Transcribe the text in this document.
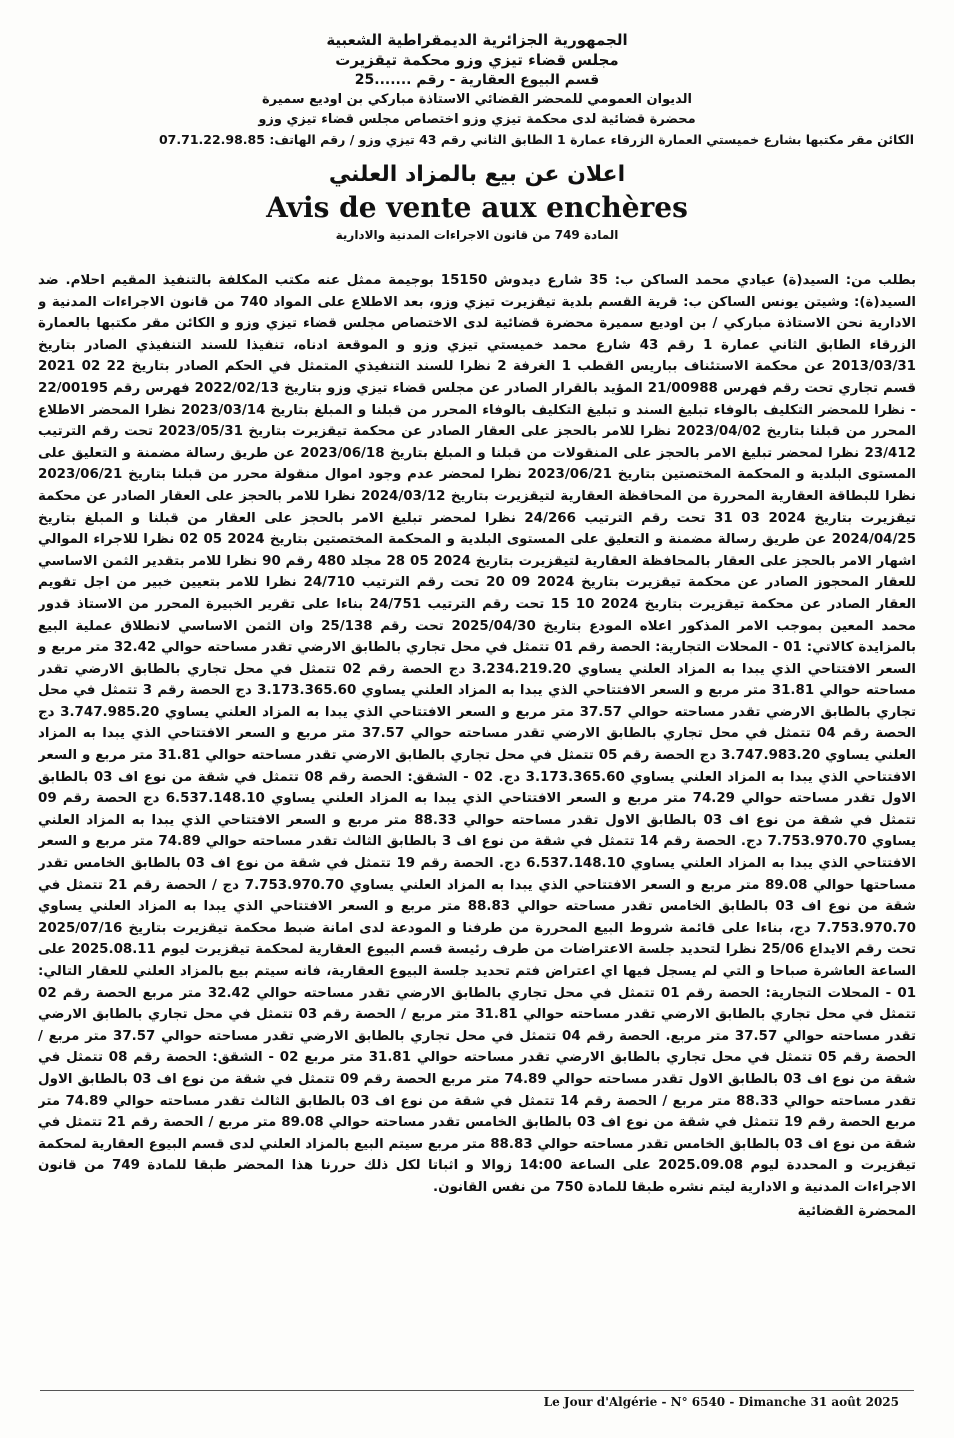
الجمهورية الجزائرية الديمقراطية الشعبية
مجلس قضاء تيزي وزو محكمة تيقزيرت
قسم البيوع العقارية - رقم .......25
الديوان العمومي للمحضر القضائي الاستاذة مباركي بن اوديع سميرة
محضرة قضائية لدى محكمة تيزي وزو اختصاص مجلس قضاء تيزي وزو
الكائن مقر مكتبها بشارع خميستي العمارة الزرقاء عمارة 1 الطابق الثاني رقم 43 تيزي وزو / رقم الهاتف: 07.71.22.98.85
اعلان عن بيع بالمزاد العلني
Avis de vente aux enchères
المادة 749 من قانون الاجراءات المدنية والادارية

بطلب من: السيد(ة) عيادي محمد الساكن ب: 35 شارع ديدوش 15150 بوجيمة ممثل عنه مكتب المكلفة بالتنفيذ المقيم احلام. ضد السيد(ة): وشيتن يونس الساكن ب: قرية القسم بلدية تيقزيرت تيزي وزو، بعد الاطلاع على المواد 740 من قانون الاجراءات المدنية و الادارية نحن الاستاذة مباركي / بن اوديع سميرة محضرة قضائية لدى الاختصاص مجلس قضاء تيزي وزو و الكائن مقر مكتبها بالعمارة الزرقاء الطابق الثاني عمارة 1 رقم 43 شارع محمد خميستي تيزي وزو و الموقعة ادناه، تنفيذا للسند التنفيذي الصادر بتاريخ 2013/03/31 عن محكمة الاستئناف بباريس القطب 1 الغرفة 2 نظرا للسند التنفيذي المتمثل في الحكم الصادر بتاريخ 22 02 2021 قسم تجاري تحت رقم فهرس 21/00988 المؤيد بالقرار الصادر عن مجلس قضاء تيزي وزو بتاريخ 2022/02/13 فهرس رقم 22/00195 - نظرا للمحضر التكليف بالوفاء تبليغ السند و تبليغ التكليف بالوفاء المحرر من قبلنا و المبلغ بتاريخ 2023/03/14 نظرا المحضر الاطلاع المحرر من قبلنا بتاريخ 2023/04/02 نظرا للامر بالحجز على العقار الصادر عن محكمة تيقزيرت بتاريخ 2023/05/31 تحت رقم الترتيب 23/412 نظرا لمحضر تبليغ الامر بالحجز على المنقولات من قبلنا و المبلغ بتاريخ 2023/06/18 عن طريق رسالة مضمنة و التعليق على المستوى البلدية و المحكمة المختصتين بتاريخ 2023/06/21 نظرا لمحضر عدم وجود اموال منقولة محرر من قبلنا بتاريخ 2023/06/21 نظرا للبطاقة العقارية المحررة من المحافظة العقارية لتيقزيرت بتاريخ 2024/03/12 نظرا للامر بالحجز على العقار الصادر عن محكمة تيقزيرت بتاريخ 2024 03 31 تحت رقم الترتيب 24/266 نظرا لمحضر تبليغ الامر بالحجز على العقار من قبلنا و المبلغ بتاريخ 2024/04/25 عن طريق رسالة مضمنة و التعليق على المستوى البلدية و المحكمة المختصتين بتاريخ 2024 05 02 نظرا للاجراء الموالي اشهار الامر بالحجز على العقار بالمحافظة العقارية لتيقزيرت بتاريخ 2024 05 28 مجلد 480 رقم 90 نظرا للامر بتقدير الثمن الاساسي للعقار المحجوز الصادر عن محكمة تيقزيرت بتاريخ 2024 09 20 تحت رقم الترتيب 24/710 نظرا للامر بتعيين خبير من اجل تقويم العقار الصادر عن محكمة تيقزيرت بتاريخ 2024 10 15 تحت رقم الترتيب 24/751 بناءا على تقرير الخبيرة المحرر من الاستاذ قدور محمد المعين بموجب الامر المذكور اعلاه المودع بتاريخ 2025/04/30 تحت رقم 25/138 وان الثمن الاساسي لانطلاق عملية البيع بالمزايدة كالاتي: 01 - المحلات التجارية: الحصة رقم 01 تتمثل في محل تجاري بالطابق الارضي تقدر مساحته حوالي 32.42 متر مربع و السعر الافتتاحي الذي يبدا به المزاد العلني يساوي 3.234.219.20 دج الحصة رقم 02 تتمثل في محل تجاري بالطابق الارضي تقدر مساحته حوالي 31.81 متر مربع و السعر الافتتاحي الذي يبدا به المزاد العلني يساوي 3.173.365.60 دج الحصة رقم 3 تتمثل في محل تجاري بالطابق الارضي تقدر مساحته حوالي 37.57 متر مربع و السعر الافتتاحي الذي يبدا به المزاد العلني يساوي 3.747.985.20 دج الحصة رقم 04 تتمثل في محل تجاري بالطابق الارضي تقدر مساحته حوالي 37.57 متر مربع و السعر الافتتاحي الذي يبدا به المزاد العلني يساوي 3.747.983.20 دج الحصة رقم 05 تتمثل في محل تجاري بالطابق الارضي تقدر مساحته حوالي 31.81 متر مربع و السعر الافتتاحي الذي يبدا به المزاد العلني يساوي 3.173.365.60 دج. 02 - الشقق: الحصة رقم 08 تتمثل في شقة من نوع اف 03 بالطابق الاول تقدر مساحته حوالي 74.29 متر مربع و السعر الافتتاحي الذي يبدا به المزاد العلني يساوي 6.537.148.10 دج الحصة رقم 09 تتمثل في شقة من نوع اف 03 بالطابق الاول تقدر مساحته حوالي 88.33 متر مربع و السعر الافتتاحي الذي يبدا به المزاد العلني يساوي 7.753.970.70 دج. الحصة رقم 14 تتمثل في شقة من نوع اف 3 بالطابق الثالث تقدر مساحته حوالي 74.89 متر مربع و السعر الافتتاحي الذي يبدا به المزاد العلني يساوي 6.537.148.10 دج. الحصة رقم 19 تتمثل في شقة من نوع اف 03 بالطابق الخامس تقدر مساحتها حوالي 89.08 متر مربع و السعر الافتتاحي الذي يبدا به المزاد العلني يساوي 7.753.970.70 دج / الحصة رقم 21 تتمثل في شقة من نوع اف 03 بالطابق الخامس تقدر مساحته حوالي 88.83 متر مربع و السعر الافتتاحي الذي يبدا به المزاد العلني يساوي 7.753.970.70 دج، بناءا على قائمة شروط البيع المحررة من طرفنا و المودعة لدى امانة ضبط محكمة تيقزيرت بتاريخ 2025/07/16 تحت رقم الايداع 25/06 نظرا لتحديد جلسة الاعتراضات من طرف رئيسة قسم البيوع العقارية لمحكمة تيقزيرت ليوم 2025.08.11 على الساعة العاشرة صباحا و التي لم يسجل فيها اي اعتراض فتم تحديد جلسة البيوع العقارية، فانه سيتم بيع بالمزاد العلني للعقار التالي: 01 - المحلات التجارية: الحصة رقم 01 تتمثل في محل تجاري بالطابق الارضي تقدر مساحته حوالي 32.42 متر مربع الحصة رقم 02 تتمثل في محل تجاري بالطابق الارضي تقدر مساحته حوالي 31.81 متر مربع / الحصة رقم 03 تتمثل في محل تجاري بالطابق الارضي تقدر مساحته حوالي 37.57 متر مربع. الحصة رقم 04 تتمثل في محل تجاري بالطابق الارضي تقدر مساحته حوالي 37.57 متر مربع / الحصة رقم 05 تتمثل في محل تجاري بالطابق الارضي تقدر مساحته حوالي 31.81 متر مربع 02 - الشقق: الحصة رقم 08 تتمثل في شقة من نوع اف 03 بالطابق الاول تقدر مساحته حوالي 74.89 متر مربع الحصة رقم 09 تتمثل في شقة من نوع اف 03 بالطابق الاول تقدر مساحته حوالي 88.33 متر مربع / الحصة رقم 14 تتمثل في شقة من نوع اف 03 بالطابق الثالث تقدر مساحته حوالي 74.89 متر مربع الحصة رقم 19 تتمثل في شقة من نوع اف 03 بالطابق الخامس تقدر مساحته حوالي 89.08 متر مربع / الحصة رقم 21 تتمثل في شقة من نوع اف 03 بالطابق الخامس تقدر مساحته حوالي 88.83 متر مربع سيتم البيع بالمزاد العلني لدى قسم البيوع العقارية لمحكمة تيقزيرت و المحددة ليوم 2025.09.08 على الساعة 14:00 زوالا و اثباتا لكل ذلك حررنا هذا المحضر طبقا للمادة 749 من قانون الاجراءات المدنية و الادارية ليتم نشره طبقا للمادة 750 من نفس القانون.

المحضرة القضائية
Le Jour d'Algérie - N° 6540 - Dimanche 31 août 2025
